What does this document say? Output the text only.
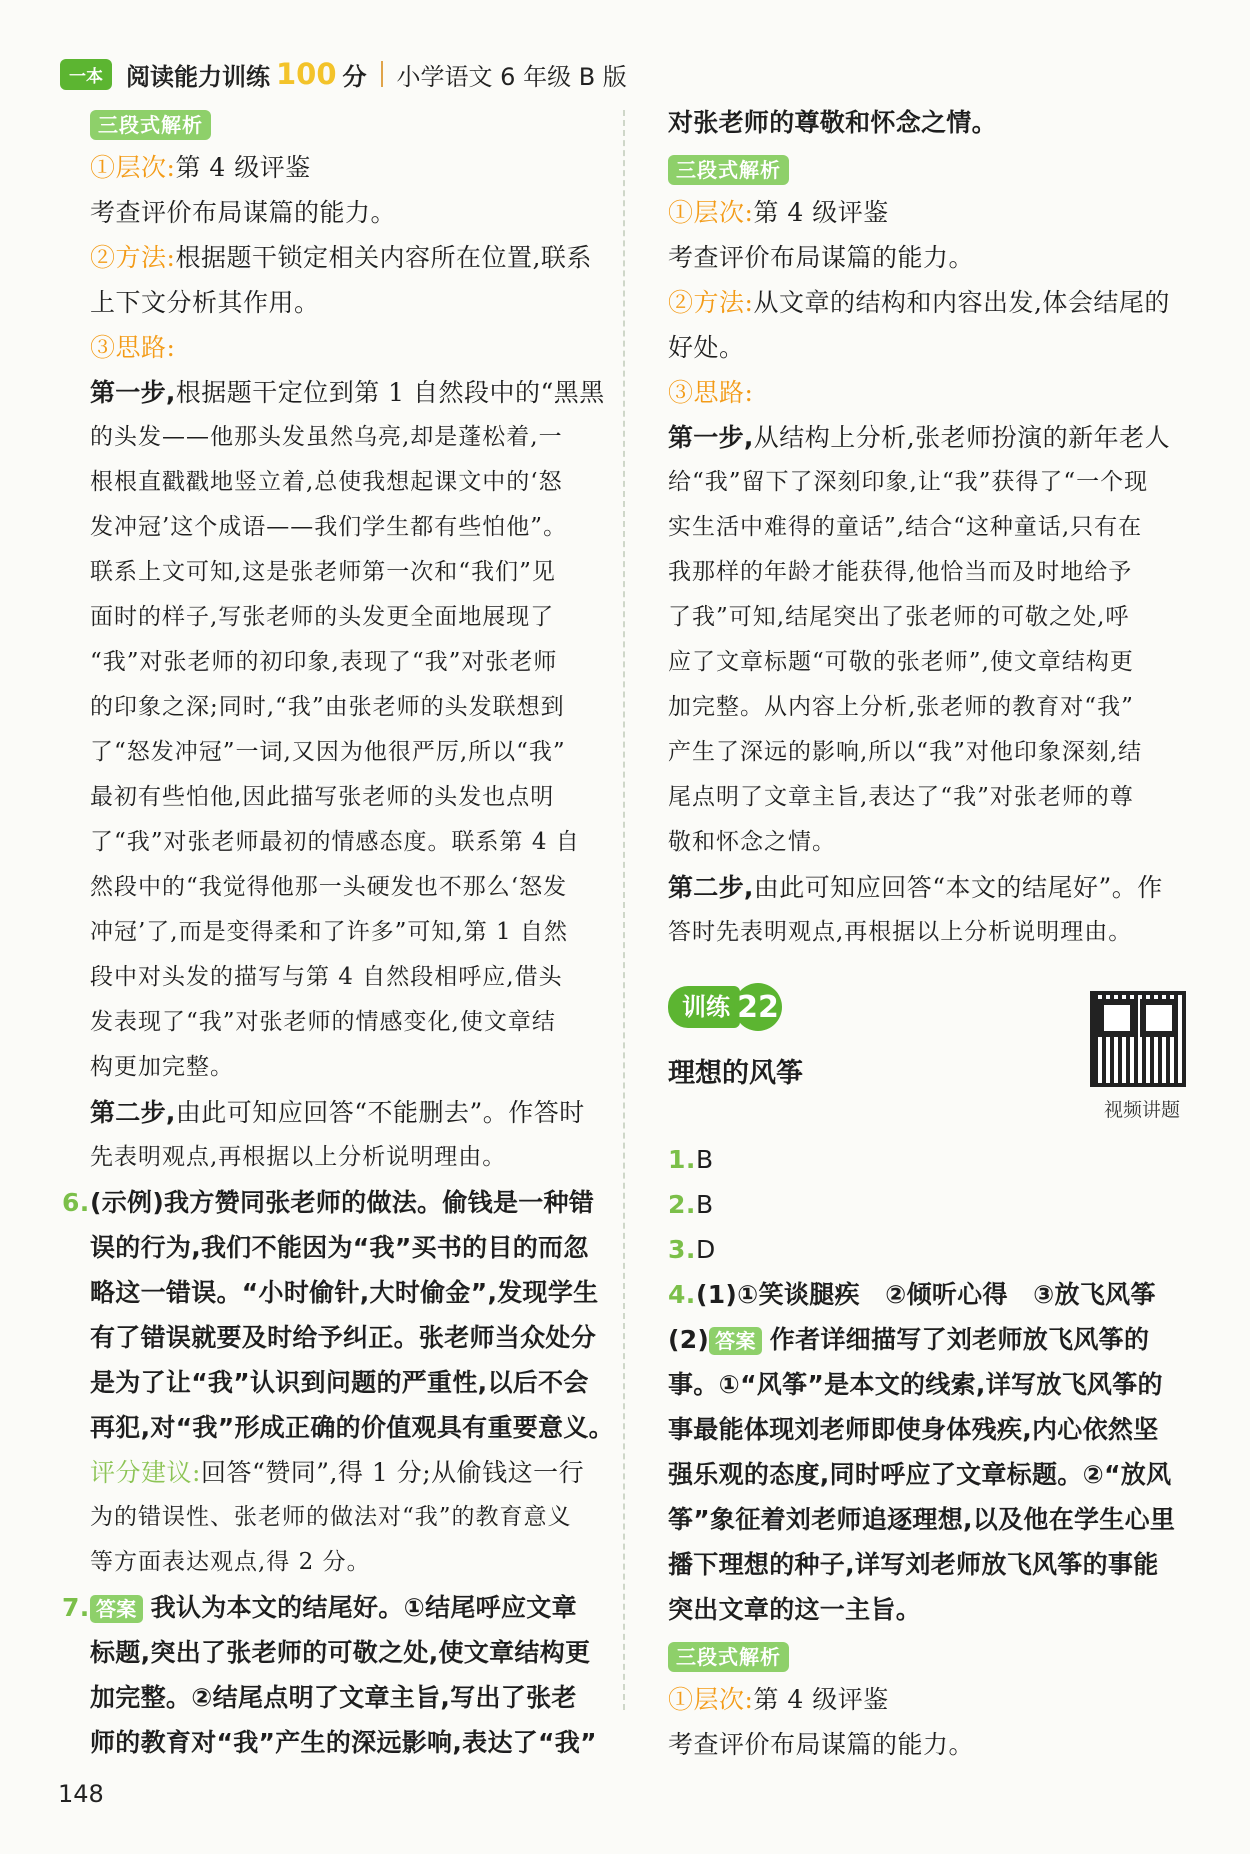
一本 阅读能力训练 100 分 小学语文 6 年级 B 版
三段式解析
①层次:第 4 级评鉴
考查评价布局谋篇的能力。
②方法:根据题干锁定相关内容所在位置,联系
上下文分析其作用。
③思路:
第一步,根据题干定位到第 1 自然段中的“黑黑
的头发——他那头发虽然乌亮,却是蓬松着,一
根根直戳戳地竖立着,总使我想起课文中的‘怒
发冲冠’这个成语——我们学生都有些怕他”。
联系上文可知,这是张老师第一次和“我们”见
面时的样子,写张老师的头发更全面地展现了
“我”对张老师的初印象,表现了“我”对张老师
的印象之深;同时,“我”由张老师的头发联想到
了“怒发冲冠”一词,又因为他很严厉,所以“我”
最初有些怕他,因此描写张老师的头发也点明
了“我”对张老师最初的情感态度。联系第 4 自
然段中的“我觉得他那一头硬发也不那么‘怒发
冲冠’了,而是变得柔和了许多”可知,第 1 自然
段中对头发的描写与第 4 自然段相呼应,借头
发表现了“我”对张老师的情感变化,使文章结
构更加完整。
第二步,由此可知应回答“不能删去”。作答时
先表明观点,再根据以上分析说明理由。
6.(示例)我方赞同张老师的做法。偷钱是一种错
误的行为,我们不能因为“我”买书的目的而忽
略这一错误。“小时偷针,大时偷金”,发现学生
有了错误就要及时给予纠正。张老师当众处分
是为了让“我”认识到问题的严重性,以后不会
再犯,对“我”形成正确的价值观具有重要意义。
评分建议:回答“赞同”,得 1 分;从偷钱这一行
为的错误性、张老师的做法对“我”的教育意义
等方面表达观点,得 2 分。
7. 答案 我认为本文的结尾好。①结尾呼应文章
标题,突出了张老师的可敬之处,使文章结构更
加完整。②结尾点明了文章主旨,写出了张老
师的教育对“我”产生的深远影响,表达了“我”
对张老师的尊敬和怀念之情。
三段式解析
①层次:第 4 级评鉴
考查评价布局谋篇的能力。
②方法:从文章的结构和内容出发,体会结尾的
好处。
③思路:
第一步,从结构上分析,张老师扮演的新年老人
给“我”留下了深刻印象,让“我”获得了“一个现
实生活中难得的童话”,结合“这种童话,只有在
我那样的年龄才能获得,他恰当而及时地给予
了我”可知,结尾突出了张老师的可敬之处,呼
应了文章标题“可敬的张老师”,使文章结构更
加完整。从内容上分析,张老师的教育对“我”
产生了深远的影响,所以“我”对他印象深刻,结
尾点明了文章主旨,表达了“我”对张老师的尊
敬和怀念之情。
第二步,由此可知应回答“本文的结尾好”。作
答时先表明观点,再根据以上分析说明理由。
训练 22
视频讲题
理想的风筝
1.B
2.B
3.D
4.(1)①笑谈腿疾　②倾听心得　③放飞风筝
(2) 答案 作者详细描写了刘老师放飞风筝的
事。①“风筝”是本文的线索,详写放飞风筝的
事最能体现刘老师即使身体残疾,内心依然坚
强乐观的态度,同时呼应了文章标题。②“放风
筝”象征着刘老师追逐理想,以及他在学生心里
播下理想的种子,详写刘老师放飞风筝的事能
突出文章的这一主旨。
三段式解析
①层次:第 4 级评鉴
考查评价布局谋篇的能力。
148
